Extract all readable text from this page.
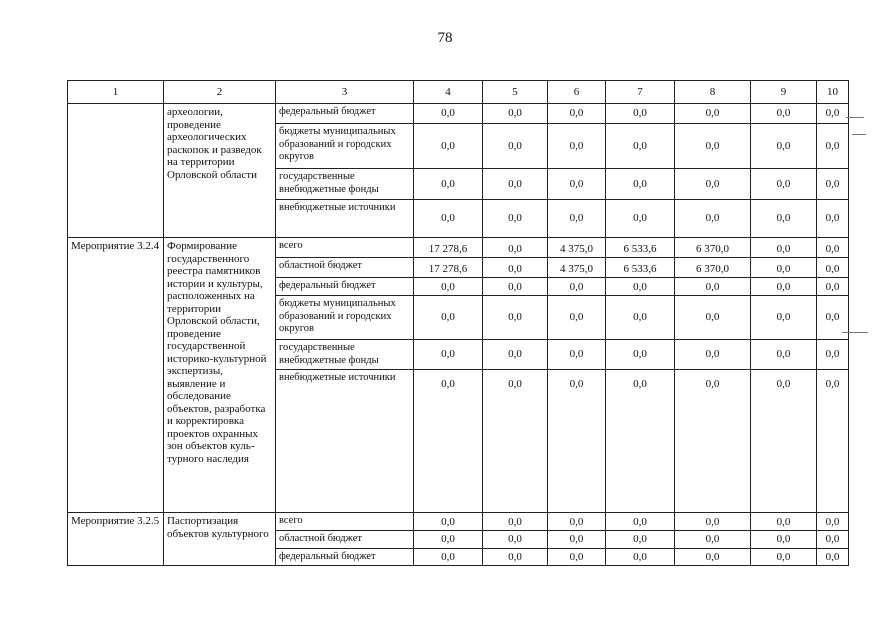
78
1	2	3	4	5	6	7	8	9	10
	археологии, проведение археологических раскопок и разведок на территории Орловской области	федеральный бюджет	0,0	0,0	0,0	0,0	0,0	0,0	0,0
		бюджеты муниципальных образований и городских округов	0,0	0,0	0,0	0,0	0,0	0,0	0,0
		государственные внебюджетные фонды	0,0	0,0	0,0	0,0	0,0	0,0	0,0
		внебюджетные источники	0,0	0,0	0,0	0,0	0,0	0,0	0,0
Мероприятие 3.2.4	Формирование государственного реестра памятников истории и культуры, расположенных на территории Орловской области, проведение государственной историко-культурной экспертизы, выявление и обследование объектов, разработка и корректировка проектов охранных зон объектов куль-турного наследия	всего	17 278,6	0,0	4 375,0	6 533,6	6 370,0	0,0	0,0
		областной бюджет	17 278,6	0,0	4 375,0	6 533,6	6 370,0	0,0	0,0
		федеральный бюджет	0,0	0,0	0,0	0,0	0,0	0,0	0,0
		бюджеты муниципальных образований и городских округов	0,0	0,0	0,0	0,0	0,0	0,0	0,0
		государственные внебюджетные фонды	0,0	0,0	0,0	0,0	0,0	0,0	0,0
		внебюджетные источники	0,0	0,0	0,0	0,0	0,0	0,0	0,0
Мероприятие 3.2.5	Паспортизация объектов культурного	всего	0,0	0,0	0,0	0,0	0,0	0,0	0,0
		областной бюджет	0,0	0,0	0,0	0,0	0,0	0,0	0,0
		федеральный бюджет	0,0	0,0	0,0	0,0	0,0	0,0	0,0
